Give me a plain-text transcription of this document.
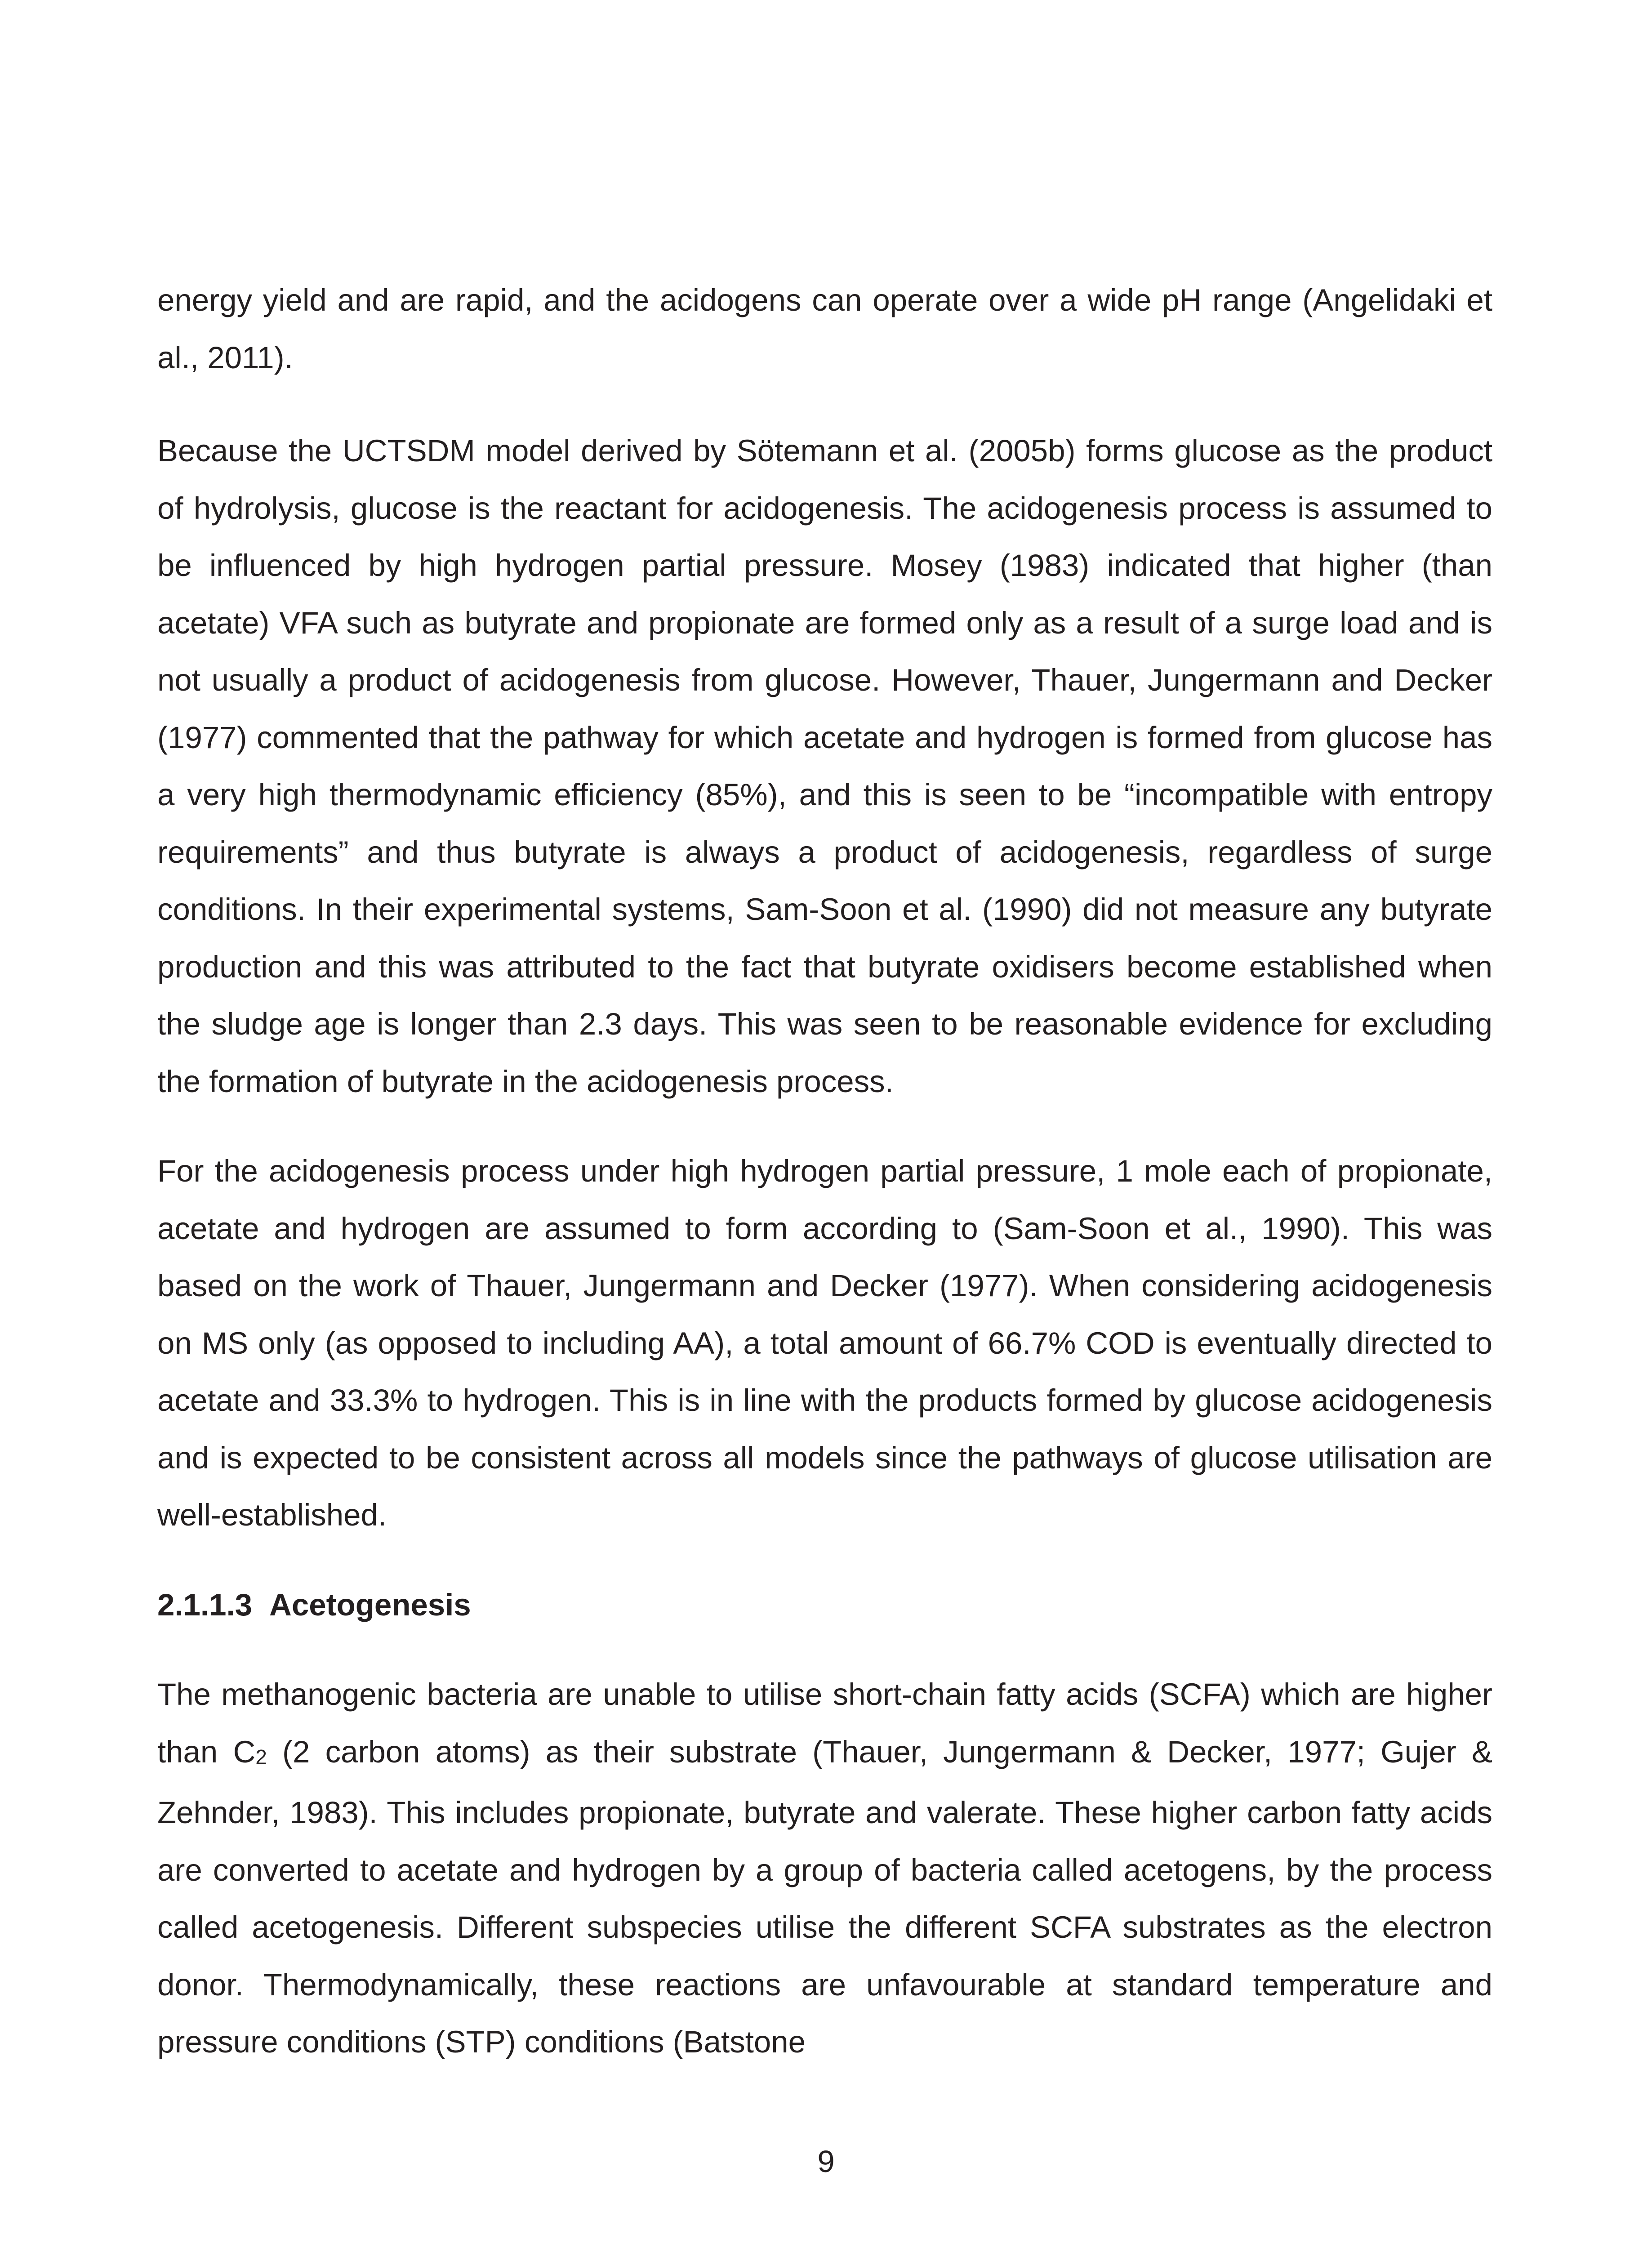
energy yield and are rapid, and the acidogens can operate over a wide pH range (Angelidaki et al., 2011).

Because the UCTSDM model derived by Sötemann et al. (2005b) forms glucose as the product of hydrolysis, glucose is the reactant for acidogenesis. The acidogenesis process is assumed to be influenced by high hydrogen partial pressure. Mosey (1983) indicated that higher (than acetate) VFA such as butyrate and propionate are formed only as a result of a surge load and is not usually a product of acidogenesis from glucose. However, Thauer, Jungermann and Decker (1977) commented that the pathway for which acetate and hydrogen is formed from glucose has a very high thermodynamic efficiency (85%), and this is seen to be “incompatible with entropy requirements” and thus butyrate is always a product of acidogenesis, regardless of surge conditions. In their experimental systems, Sam-Soon et al. (1990) did not measure any butyrate production and this was attributed to the fact that butyrate oxidisers become established when the sludge age is longer than 2.3 days. This was seen to be reasonable evidence for excluding the formation of butyrate in the acidogenesis process.

For the acidogenesis process under high hydrogen partial pressure, 1 mole each of propionate, acetate and hydrogen are assumed to form according to (Sam-Soon et al., 1990). This was based on the work of Thauer, Jungermann and Decker (1977). When considering acidogenesis on MS only (as opposed to including AA), a total amount of 66.7% COD is eventually directed to acetate and 33.3% to hydrogen. This is in line with the products formed by glucose acidogenesis and is expected to be consistent across all models since the pathways of glucose utilisation are well-established.

2.1.1.3 Acetogenesis

The methanogenic bacteria are unable to utilise short-chain fatty acids (SCFA) which are higher than $C_2$ (2 carbon atoms) as their substrate (Thauer, Jungermann & Decker, 1977; Gujer & Zehnder, 1983). This includes propionate, butyrate and valerate. These higher carbon fatty acids are converted to acetate and hydrogen by a group of bacteria called acetogens, by the process called acetogenesis. Different subspecies utilise the different SCFA substrates as the electron donor. Thermodynamically, these reactions are unfavourable at standard temperature and pressure conditions (STP) conditions (Batstone

9
